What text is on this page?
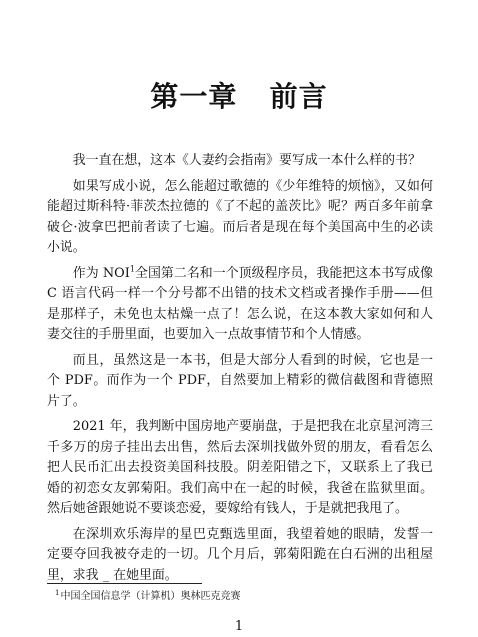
第一章   前言

我一直在想，这本《人妻约会指南》要写成一本什么样的书？

如果写成小说，怎么能超过歌德的《少年维特的烦恼》，又如何能超过斯科特·菲茨杰拉德的《了不起的盖茨比》呢？两百多年前拿破仑·波拿巴把前者读了七遍。而后者是现在每个美国高中生的必读小说。

作为 NOI$^1$全国第二名和一个顶级程序员，我能把这本书写成像 C 语言代码一样一个分号都不出错的技术文档或者操作手册——但是那样子，未免也太枯燥一点了！怎么说，在这本教大家如何和人妻交往的手册里面，也要加入一点故事情节和个人情感。

而且，虽然这是一本书，但是大部分人看到的时候，它也是一个 PDF。而作为一个 PDF，自然要加上精彩的微信截图和背德照片了。

2021 年，我判断中国房地产要崩盘，于是把我在北京星河湾三千多万的房子挂出去出售，然后去深圳找做外贸的朋友，看看怎么把人民币汇出去投资美国科技股。阴差阳错之下，又联系上了我已婚的初恋女友郭菊阳。我们高中在一起的时候，我爸在监狱里面。然后她爸跟她说不要谈恋爱，要嫁给有钱人，于是就把我甩了。

在深圳欢乐海岸的星巴克甄选里面，我望着她的眼睛，发誓一定要夺回我被夺走的一切。几个月后，郭菊阳跪在白石洲的出租屋里，求我 _ 在她里面。

$^1$中国全国信息学（计算机）奥林匹克竞赛
1
